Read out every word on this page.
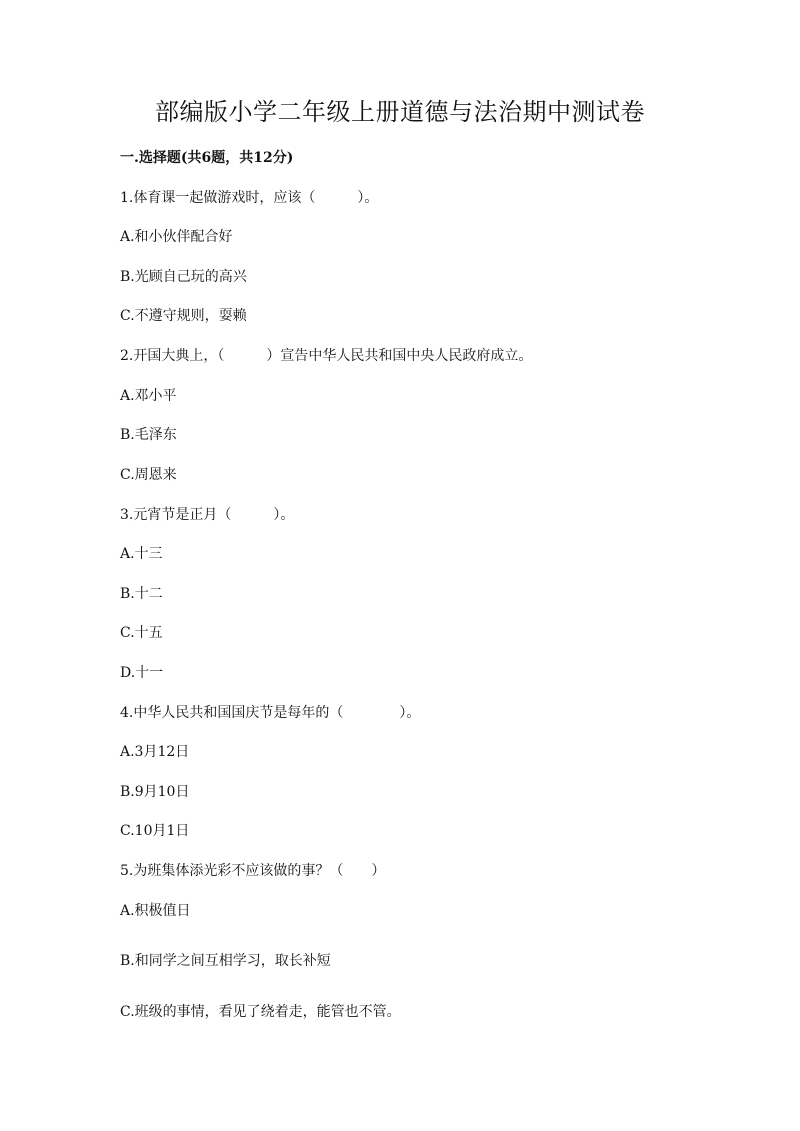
部编版小学二年级上册道德与法治期中测试卷
一.选择题(共6题，共12分)
1.体育课一起做游戏时，应该（　　　）。
A.和小伙伴配合好
B.光顾自己玩的高兴
C.不遵守规则，耍赖
2.开国大典上，（　　　）宣告中华人民共和国中央人民政府成立。
A.邓小平
B.毛泽东
C.周恩来
3.元宵节是正月（　　　）。
A.十三
B.十二
C.十五
D.十一
4.中华人民共和国国庆节是每年的（　　　　）。
A.3月12日
B.9月10日
C.10月1日
5.为班集体添光彩不应该做的事？（　　）
A.积极值日
B.和同学之间互相学习，取长补短
C.班级的事情，看见了绕着走，能管也不管。
